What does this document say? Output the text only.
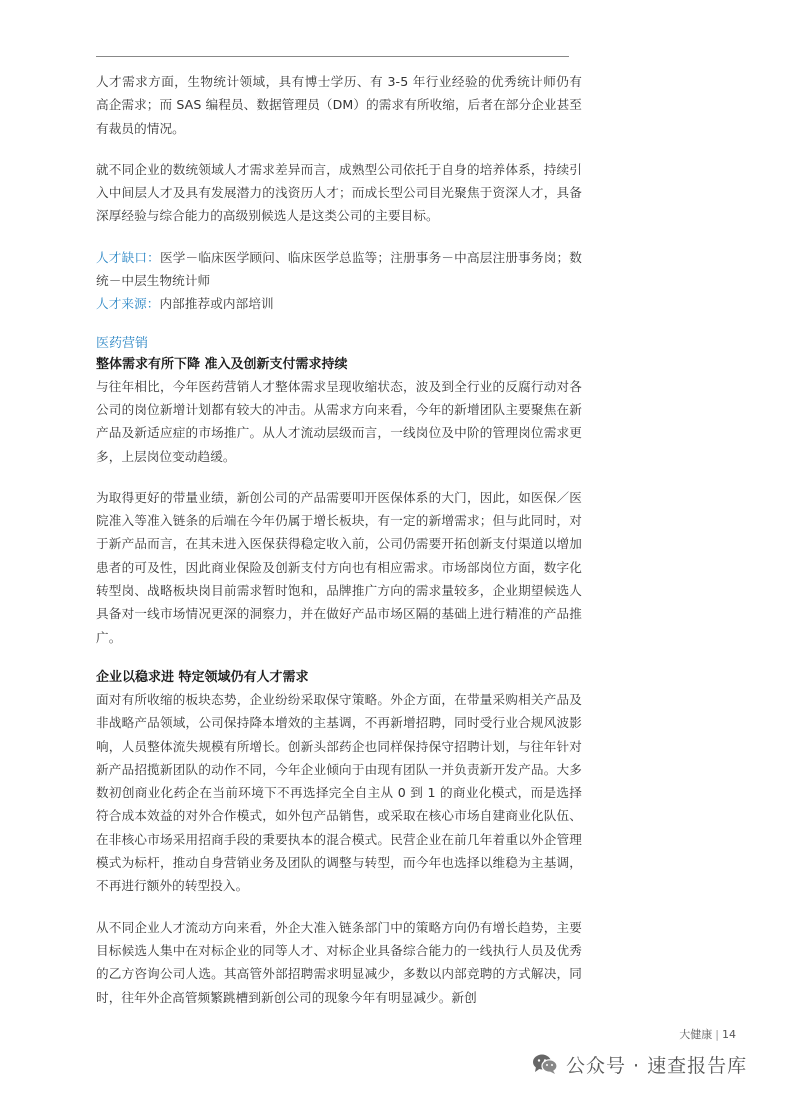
人才需求方面，生物统计领域，具有博士学历、有 3-5 年行业经验的优秀统计师仍有高企需求；而 SAS 编程员、数据管理员（DM）的需求有所收缩，后者在部分企业甚至有裁员的情况。

就不同企业的数统领域人才需求差异而言，成熟型公司依托于自身的培养体系，持续引入中间层人才及具有发展潜力的浅资历人才；而成长型公司目光聚焦于资深人才，具备深厚经验与综合能力的高级别候选人是这类公司的主要目标。

人才缺口：医学－临床医学顾问、临床医学总监等；注册事务－中高层注册事务岗；数统－中层生物统计师

人才来源：内部推荐或内部培训

医药营销
整体需求有所下降 准入及创新支付需求持续

与往年相比，今年医药营销人才整体需求呈现收缩状态，波及到全行业的反腐行动对各公司的岗位新增计划都有较大的冲击。从需求方向来看，今年的新增团队主要聚焦在新产品及新适应症的市场推广。从人才流动层级而言，一线岗位及中阶的管理岗位需求更多，上层岗位变动趋缓。

为取得更好的带量业绩，新创公司的产品需要叩开医保体系的大门，因此，如医保／医院准入等准入链条的后端在今年仍属于增长板块，有一定的新增需求；但与此同时，对于新产品而言，在其未进入医保获得稳定收入前，公司仍需要开拓创新支付渠道以增加患者的可及性，因此商业保险及创新支付方向也有相应需求。市场部岗位方面，数字化转型岗、战略板块岗目前需求暂时饱和，品牌推广方向的需求量较多，企业期望候选人具备对一线市场情况更深的洞察力，并在做好产品市场区隔的基础上进行精准的产品推广。

企业以稳求进 特定领域仍有人才需求

面对有所收缩的板块态势，企业纷纷采取保守策略。外企方面，在带量采购相关产品及非战略产品领域，公司保持降本增效的主基调，不再新增招聘，同时受行业合规风波影响，人员整体流失规模有所增长。创新头部药企也同样保持保守招聘计划，与往年针对新产品招揽新团队的动作不同，今年企业倾向于由现有团队一并负责新开发产品。大多数初创商业化药企在当前环境下不再选择完全自主从 0 到 1 的商业化模式，而是选择符合成本效益的对外合作模式，如外包产品销售，或采取在核心市场自建商业化队伍、在非核心市场采用招商手段的秉要执本的混合模式。民营企业在前几年着重以外企管理模式为标杆，推动自身营销业务及团队的调整与转型，而今年也选择以维稳为主基调，不再进行额外的转型投入。

从不同企业人才流动方向来看，外企大准入链条部门中的策略方向仍有增长趋势，主要目标候选人集中在对标企业的同等人才、对标企业具备综合能力的一线执行人员及优秀的乙方咨询公司人选。其高管外部招聘需求明显减少，多数以内部竞聘的方式解决，同时，往年外企高管频繁跳槽到新创公司的现象今年有明显减少。新创

大健康 | 14
公众号 · 速查报告库
